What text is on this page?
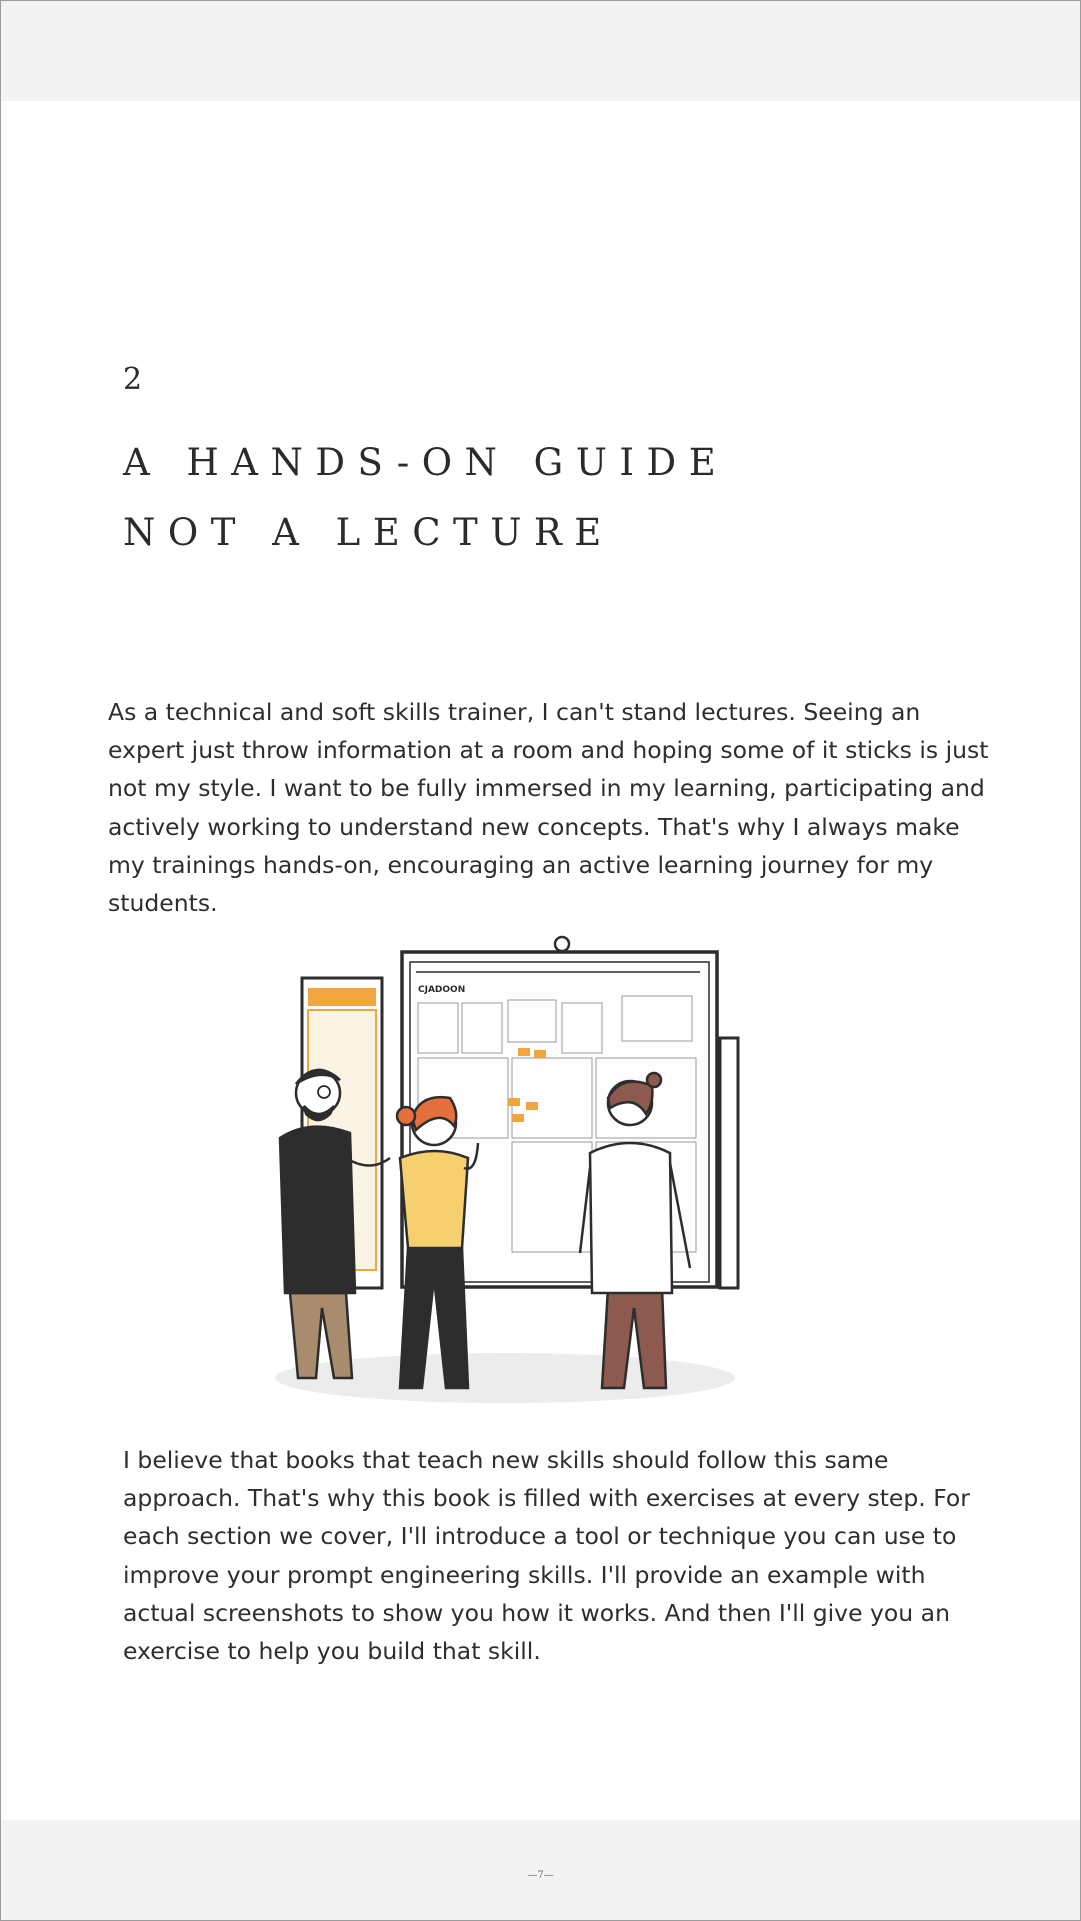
2
A HANDS-ON GUIDE
NOT A LECTURE
As a technical and soft skills trainer, I can't stand lectures. Seeing an
expert just throw information at a room and hoping some of it sticks is just
not my style. I want to be fully immersed in my learning, participating and
actively working to understand new concepts. That's why I always make
my trainings hands-on, encouraging an active learning journey for my
students.
CJADOON
I believe that books that teach new skills should follow this same
approach. That's why this book is filled with exercises at every step. For
each section we cover, I'll introduce a tool or technique you can use to
improve your prompt engineering skills. I'll provide an example with
actual screenshots to show you how it works. And then I'll give you an
exercise to help you build that skill.
—7—
